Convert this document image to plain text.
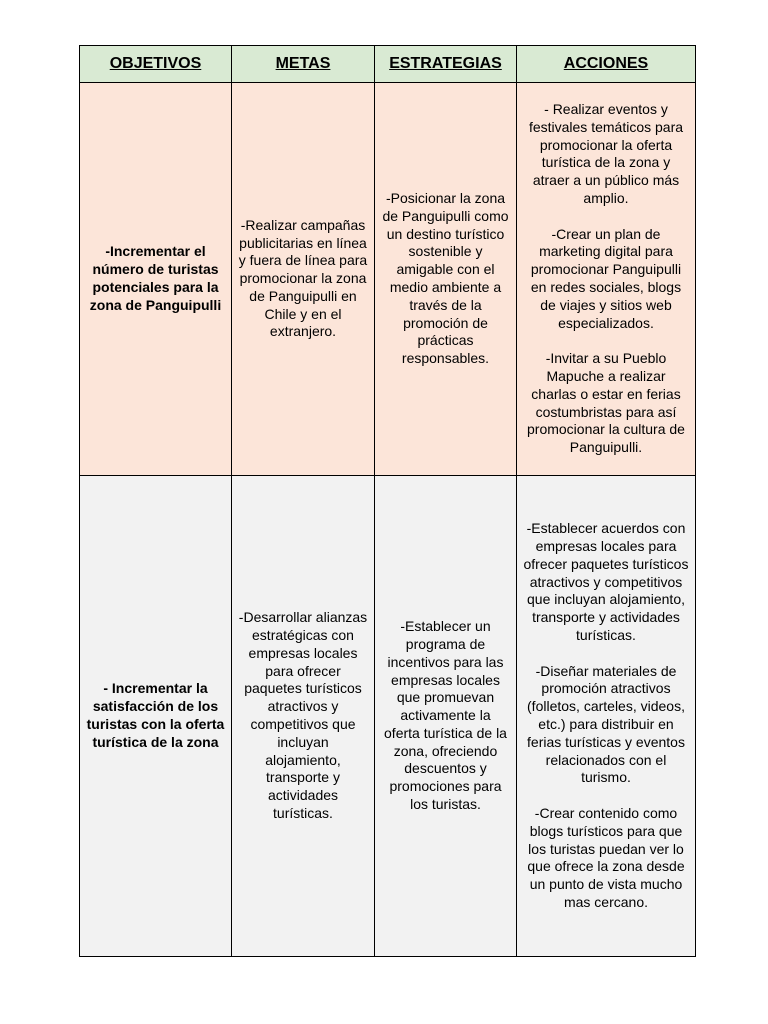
OBJETIVOS	METAS	ESTRATEGIAS	ACCIONES
-Incrementar el número de turistas potenciales para la zona de Panguipulli	-Realizar campañas publicitarias en línea y fuera de línea para promocionar la zona de Panguipulli en Chile y en el extranjero.	-Posicionar la zona de Panguipulli como un destino turístico sostenible y amigable con el medio ambiente a través de la promoción de prácticas responsables.	- Realizar eventos y festivales temáticos para promocionar la oferta turística de la zona y atraer a un público más amplio.
-Crear un plan de marketing digital para promocionar Panguipulli en redes sociales, blogs de viajes y sitios web especializados.
-Invitar a su Pueblo Mapuche a realizar charlas o estar en ferias costumbristas para así promocionar la cultura de Panguipulli.

- Incrementar la satisfacción de los turistas con la oferta turística de la zona	-Desarrollar alianzas estratégicas con empresas locales para ofrecer paquetes turísticos atractivos y competitivos que incluyan alojamiento, transporte y actividades turísticas.	-Establecer un programa de incentivos para las empresas locales que promuevan activamente la oferta turística de la zona, ofreciendo descuentos y promociones para los turistas.	-Establecer acuerdos con empresas locales para ofrecer paquetes turísticos atractivos y competitivos que incluyan alojamiento, transporte y actividades turísticas.
-Diseñar materiales de promoción atractivos (folletos, carteles, videos, etc.) para distribuir en ferias turísticas y eventos relacionados con el turismo.
-Crear contenido como blogs turísticos para que los turistas puedan ver lo que ofrece la zona desde un punto de vista mucho mas cercano.
